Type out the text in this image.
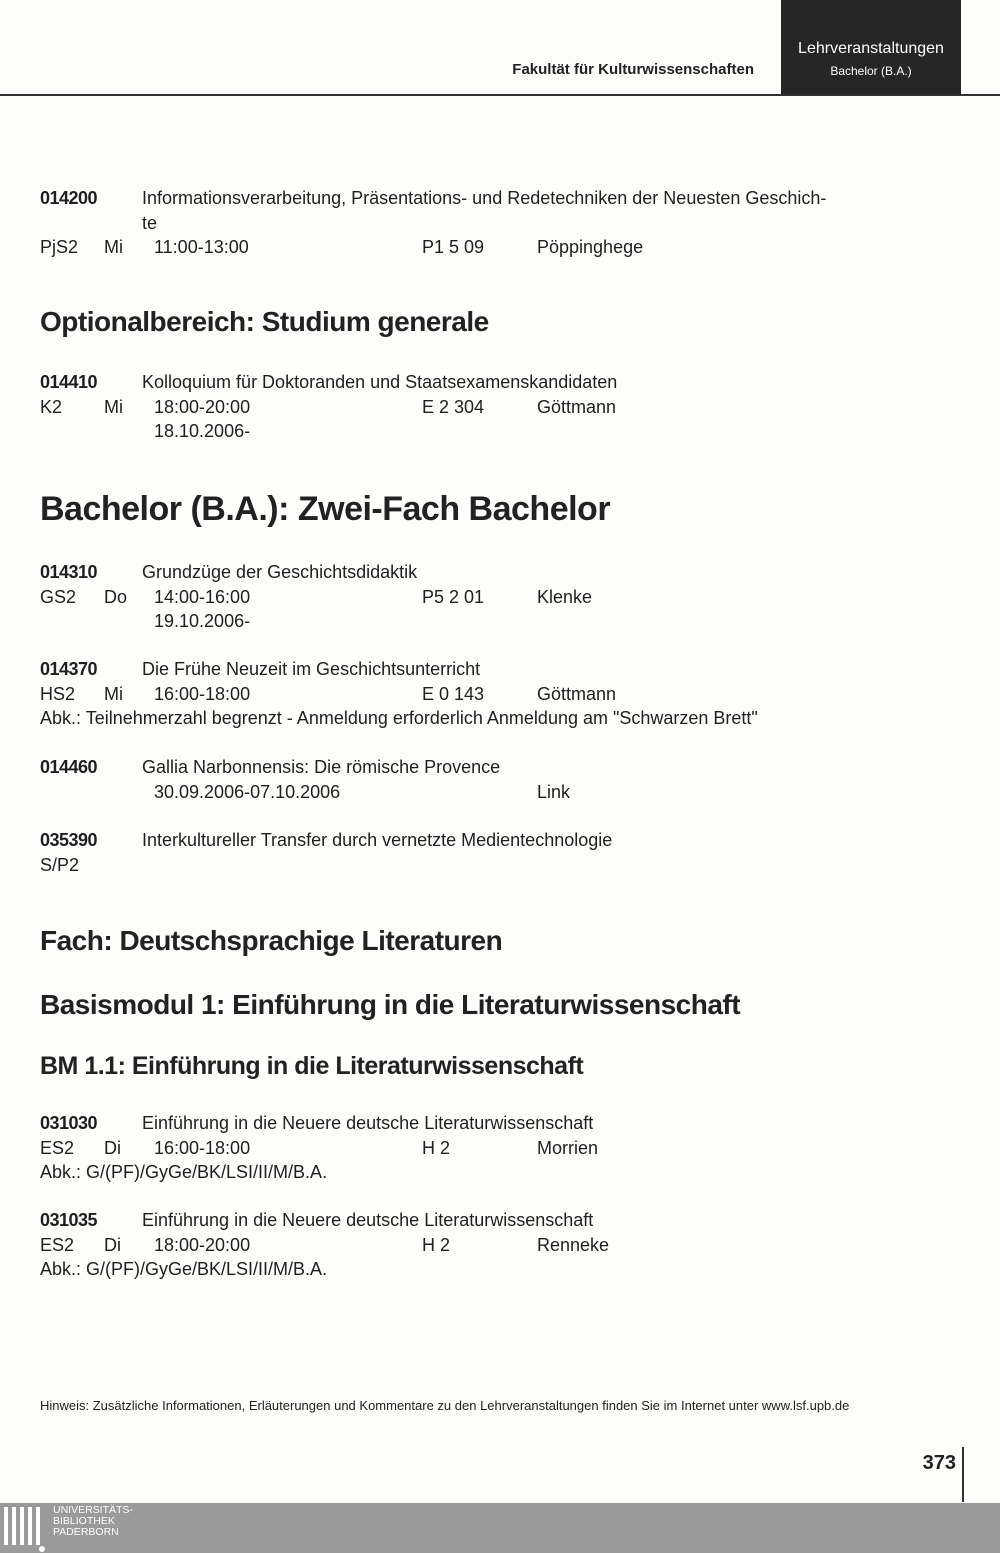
Fakultät für Kulturwissenschaften
Lehrveranstaltungen
Bachelor (B.A.)
014200 Informationsverarbeitung, Präsentations- und Redetechniken der Neuesten Geschich-
te
PjS2 Mi 11:00-13:00	P1 5 09	Pöppinghege
Optionalbereich: Studium generale
014410 Kolloquium für Doktoranden und Staatsexamenskandidaten
K2 Mi 18:00-20:00	E 2 304	Göttmann
18.10.2006-
Bachelor (B.A.): Zwei-Fach Bachelor
014310 Grundzüge der Geschichtsdidaktik
GS2 Do 14:00-16:00	P5 2 01	Klenke
19.10.2006-
014370 Die Frühe Neuzeit im Geschichtsunterricht
HS2 Mi 16:00-18:00	E 0 143	Göttmann
Abk.: Teilnehmerzahl begrenzt - Anmeldung erforderlich Anmeldung am "Schwarzen Brett"
014460 Gallia Narbonnensis: Die römische Provence
30.09.2006-07.10.2006	Link
035390 Interkultureller Transfer durch vernetzte Medientechnologie
S/P2
Fach: Deutschsprachige Literaturen
Basismodul 1: Einführung in die Literaturwissenschaft
BM 1.1: Einführung in die Literaturwissenschaft
031030 Einführung in die Neuere deutsche Literaturwissenschaft
ES2 Di 16:00-18:00	H 2	Morrien
Abk.: G/(PF)/GyGe/BK/LSI/II/M/B.A.
031035 Einführung in die Neuere deutsche Literaturwissenschaft
ES2 Di 18:00-20:00	H 2	Renneke
Abk.: G/(PF)/GyGe/BK/LSI/II/M/B.A.
Hinweis: Zusätzliche Informationen, Erläuterungen und Kommentare zu den Lehrveranstaltungen finden Sie im Internet unter www.lsf.upb.de
373
UNIVERSITÄTS-
BIBLIOTHEK
PADERBORN
